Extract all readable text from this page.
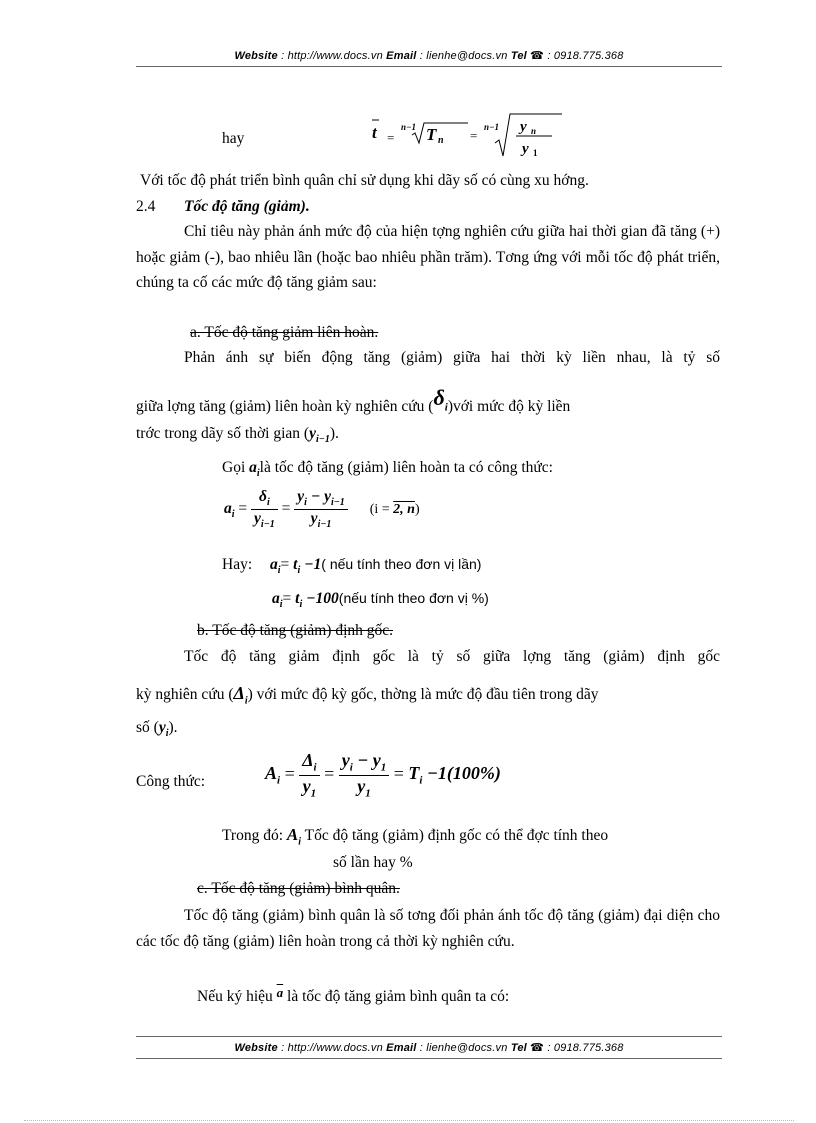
Website : http://www.docs.vn Email : lienhe@docs.vn Tel ☎ : 0918.775.368
hay	t =
n−1 T n =
n−1 y n
y 1
Với tốc độ phát triển bình quân chỉ sử dụng khi dãy số có cùng xu hớng.
2.4 Tốc độ tăng (giảm).
Chỉ tiêu này phản ánh mức độ của hiện tợng nghiên cứu giữa hai thời gian đã tăng (+) hoặc giảm (-), bao nhiêu lần (hoặc bao nhiêu phần trăm). Tơng ứng với mỗi tốc độ phát triển, chúng ta cố các mức độ tăng giảm sau:
a. Tốc độ tăng giảm liên hoàn.
Phản ánh sự biến động tăng (giảm) giữa hai thời kỳ liền nhau, là tỷ số
giữa lợng tăng (giảm) liên hoàn kỳ nghiên cứu $(\delta_i)với$ mức độ kỳ liền
trớc trong dãy số thời gian $(y_{i-1})$.
Gọi $a_ilà$ tốc độ tăng (giảm) liên hoàn ta có công thức:
$a_i = \frac{\delta_i}{y_{i-1}} = \frac{y_i - y_{i-1}}{y_{i-1}} (i = 2$, n)
Hay: $a_i= t_i -1$( nếu tính theo đơn vị lần)
$a_i= t_i$ −100(nếu tính theo đơn vị %)
b. Tốc độ tăng (giảm) định gốc.
Tốc độ tăng giảm định gốc là tỷ số giữa lợng tăng (giảm) định gốc
kỳ nghiên cứu $(\Delta_i)$ với mức độ kỳ gốc, thờng là mức độ đầu tiên trong dãy
số $(y_i)$.
Công thức:	$A_i = \frac{\Delta_i}{y_1} = \frac{y_i - y_1}{y_1} = T_i -1(100\%)$
Trong đó: $A_i$ Tốc độ tăng (giảm) định gốc có thể đợc tính theo
số lần hay %
c. Tốc độ tăng (giảm) bình quân.
Tốc độ tăng (giảm) bình quân là số tơng đối phản ánh tốc độ tăng (giảm) đại diện cho các tốc độ tăng (giảm) liên hoàn trong cả thời kỳ nghiên cứu.
Nếu ký hiệu $^{\overline{a}}$ là tốc độ tăng giảm bình quân ta có:
Website : http://www.docs.vn Email : lienhe@docs.vn Tel ☎ : 0918.775.368
